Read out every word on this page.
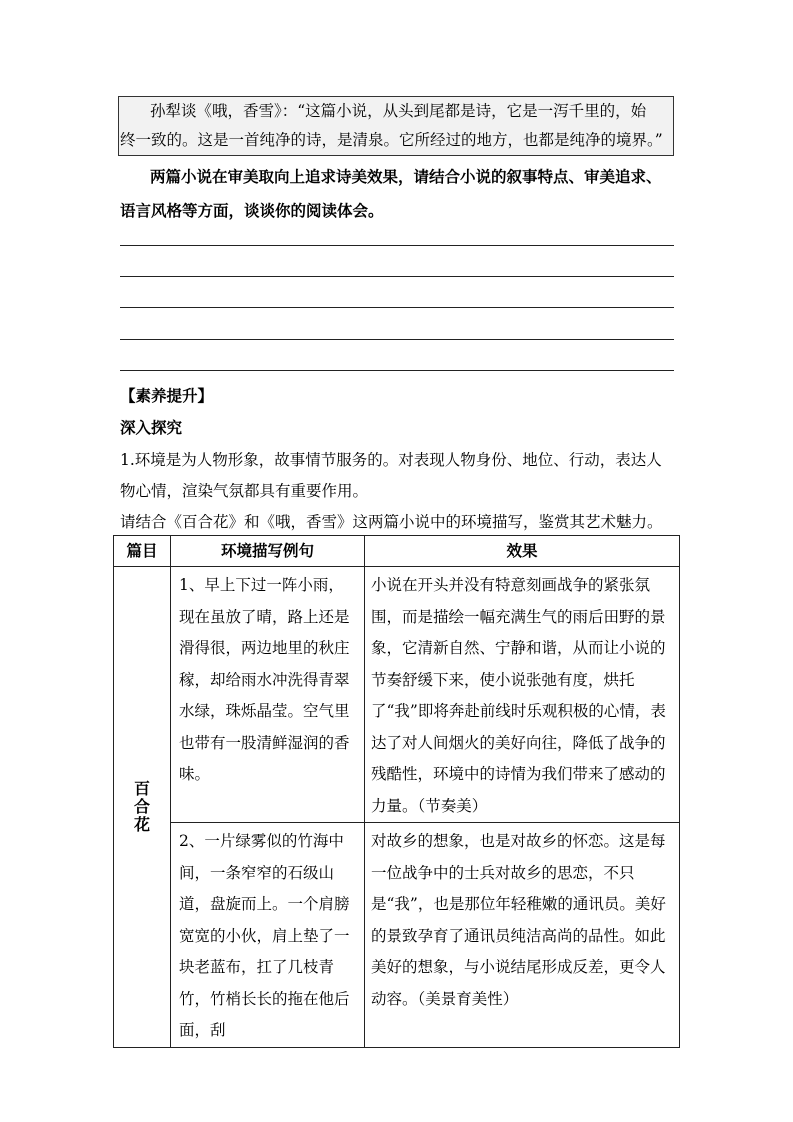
孙犁谈《哦，香雪》：“这篇小说，从头到尾都是诗，它是一泻千里的，始
终一致的。这是一首纯净的诗，是清泉。它所经过的地方，也都是纯净的境界。”
两篇小说在审美取向上追求诗美效果，请结合小说的叙事特点、审美追求、
语言风格等方面，谈谈你的阅读体会。
【素养提升】
深入探究
1.环境是为人物形象，故事情节服务的。对表现人物身份、地位、行动，表达人
物心情，渲染气氛都具有重要作用。
请结合《百合花》和《哦，香雪》这两篇小说中的环境描写，鉴赏其艺术魅力。
篇目	环境描写例句	效果
百合花	1、早上下过一阵小雨，现在虽放了晴，路上还是滑得很，两边地里的秋庄稼，却给雨水冲洗得青翠水绿，珠烁晶莹。空气里也带有一股清鲜湿润的香味。	小说在开头并没有特意刻画战争的紧张氛围，而是描绘一幅充满生气的雨后田野的景象，它清新自然、宁静和谐，从而让小说的节奏舒缓下来，使小说张弛有度，烘托了“我”即将奔赴前线时乐观积极的心情，表达了对人间烟火的美好向往，降低了战争的残酷性，环境中的诗情为我们带来了感动的力量。（节奏美）
	2、一片绿雾似的竹海中间，一条窄窄的石级山道，盘旋而上。一个肩膀宽宽的小伙，肩上垫了一块老蓝布，扛了几枝青竹，竹梢长长的拖在他后面，刮	对故乡的想象，也是对故乡的怀恋。这是每一位战争中的士兵对故乡的思恋，不只是“我”，也是那位年轻稚嫩的通讯员。美好的景致孕育了通讯员纯洁高尚的品性。如此美好的想象，与小说结尾形成反差，更令人动容。（美景育美性）
